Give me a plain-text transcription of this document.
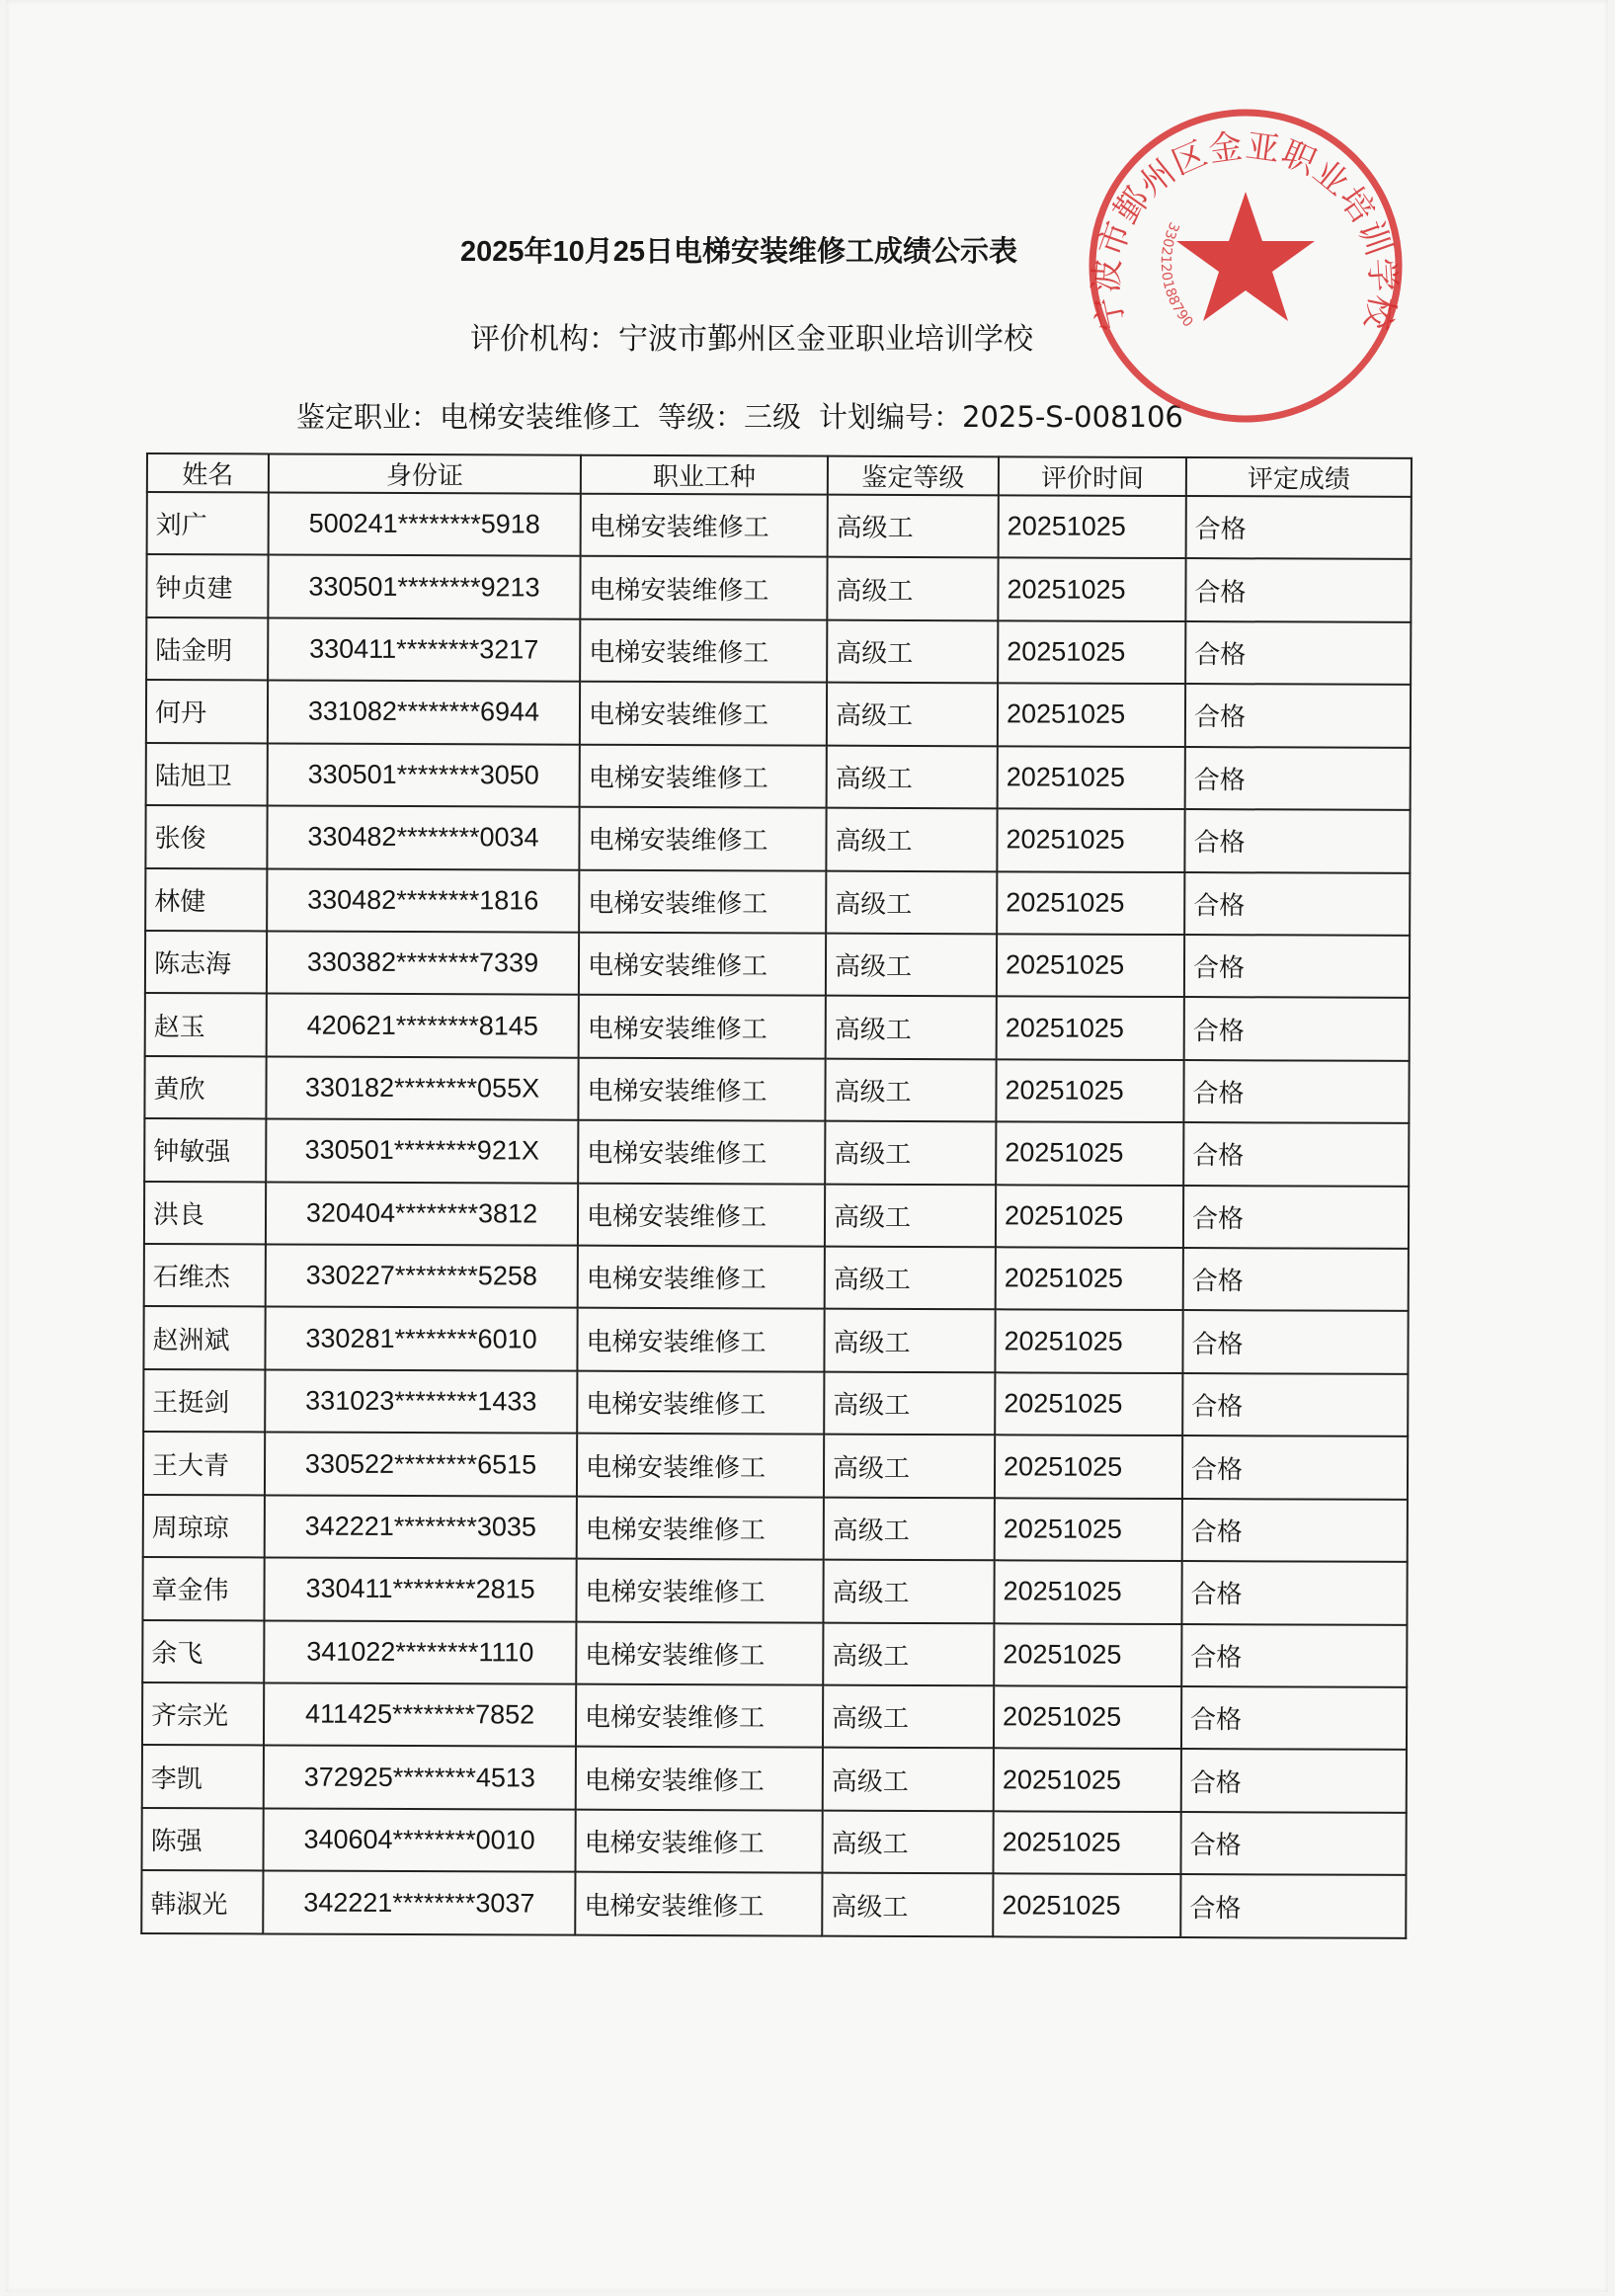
2025年10月25日电梯安装维修工成绩公示表
评价机构：宁波市鄞州区金亚职业培训学校
鉴定职业：电梯安装维修工 等级：三级 计划编号：2025-S-008106
姓名	身份证	职业工种	鉴定等级	评价时间	评定成绩
刘广	500241********5918	电梯安装维修工	高级工	20251025	合格
钟贞建	330501********9213	电梯安装维修工	高级工	20251025	合格
陆金明	330411********3217	电梯安装维修工	高级工	20251025	合格
何丹	331082********6944	电梯安装维修工	高级工	20251025	合格
陆旭卫	330501********3050	电梯安装维修工	高级工	20251025	合格
张俊	330482********0034	电梯安装维修工	高级工	20251025	合格
林健	330482********1816	电梯安装维修工	高级工	20251025	合格
陈志海	330382********7339	电梯安装维修工	高级工	20251025	合格
赵玉	420621********8145	电梯安装维修工	高级工	20251025	合格
黄欣	330182********055X	电梯安装维修工	高级工	20251025	合格
钟敏强	330501********921X	电梯安装维修工	高级工	20251025	合格
洪良	320404********3812	电梯安装维修工	高级工	20251025	合格
石维杰	330227********5258	电梯安装维修工	高级工	20251025	合格
赵洲斌	330281********6010	电梯安装维修工	高级工	20251025	合格
王挺剑	331023********1433	电梯安装维修工	高级工	20251025	合格
王大青	330522********6515	电梯安装维修工	高级工	20251025	合格
周琼琼	342221********3035	电梯安装维修工	高级工	20251025	合格
章金伟	330411********2815	电梯安装维修工	高级工	20251025	合格
余飞	341022********1110	电梯安装维修工	高级工	20251025	合格
齐宗光	411425********7852	电梯安装维修工	高级工	20251025	合格
李凯	372925********4513	电梯安装维修工	高级工	20251025	合格
陈强	340604********0010	电梯安装维修工	高级工	20251025	合格
韩淑光	342221********3037	电梯安装维修工	高级工	20251025	合格
宁波市鄞州区金亚职业培训学校
3302120188790
